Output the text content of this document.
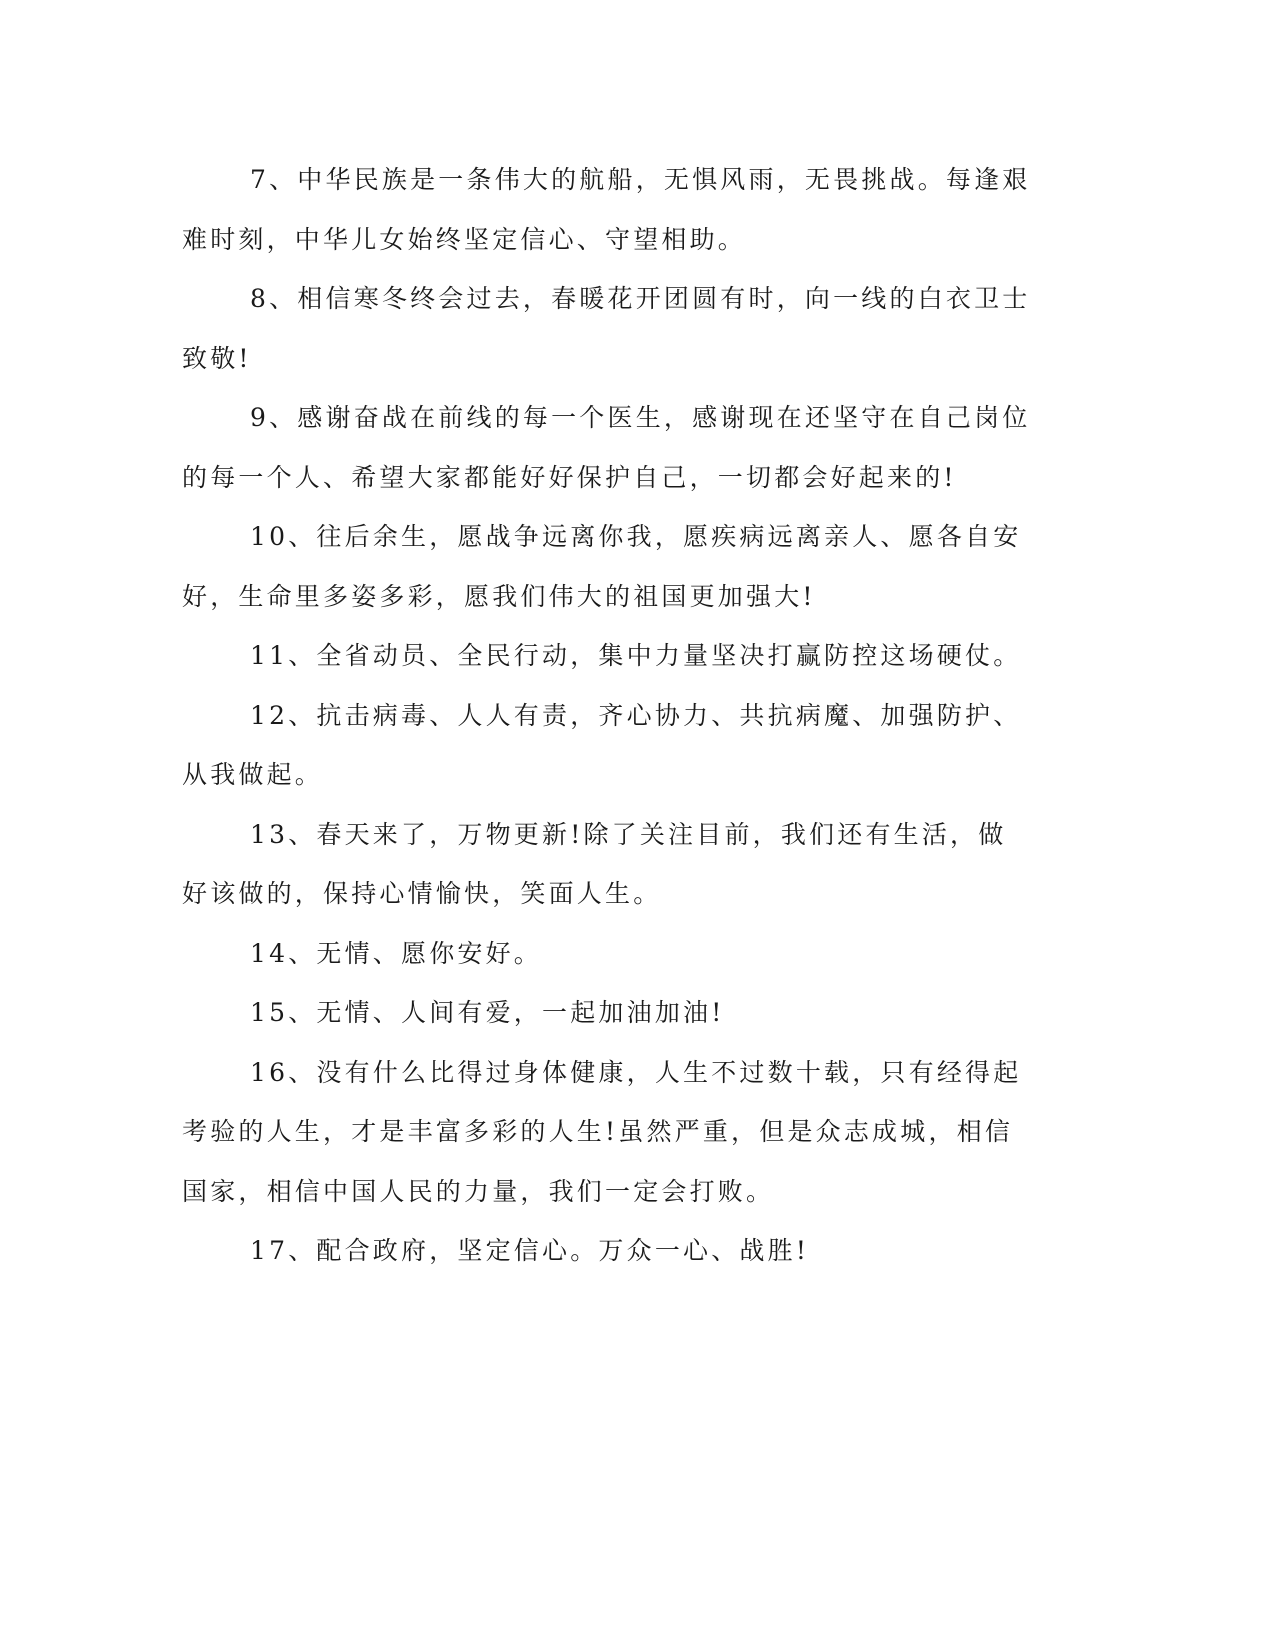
7、中华民族是一条伟大的航船，无惧风雨，无畏挑战。每逢艰难时刻，中华儿女始终坚定信心、守望相助。

8、相信寒冬终会过去，春暖花开团圆有时，向一线的白衣卫士致敬!

9、感谢奋战在前线的每一个医生，感谢现在还坚守在自己岗位的每一个人、希望大家都能好好保护自己，一切都会好起来的!

10、往后余生，愿战争远离你我，愿疾病远离亲人、愿各自安好，生命里多姿多彩，愿我们伟大的祖国更加强大!

11、全省动员、全民行动，集中力量坚决打赢防控这场硬仗。

12、抗击病毒、人人有责，齐心协力、共抗病魔、加强防护、从我做起。

13、春天来了，万物更新!除了关注目前，我们还有生活，做好该做的，保持心情愉快，笑面人生。

14、无情、愿你安好。

15、无情、人间有爱，一起加油加油!

16、没有什么比得过身体健康，人生不过数十载，只有经得起考验的人生，才是丰富多彩的人生!虽然严重，但是众志成城，相信国家，相信中国人民的力量，我们一定会打败。

17、配合政府，坚定信心。万众一心、战胜!
